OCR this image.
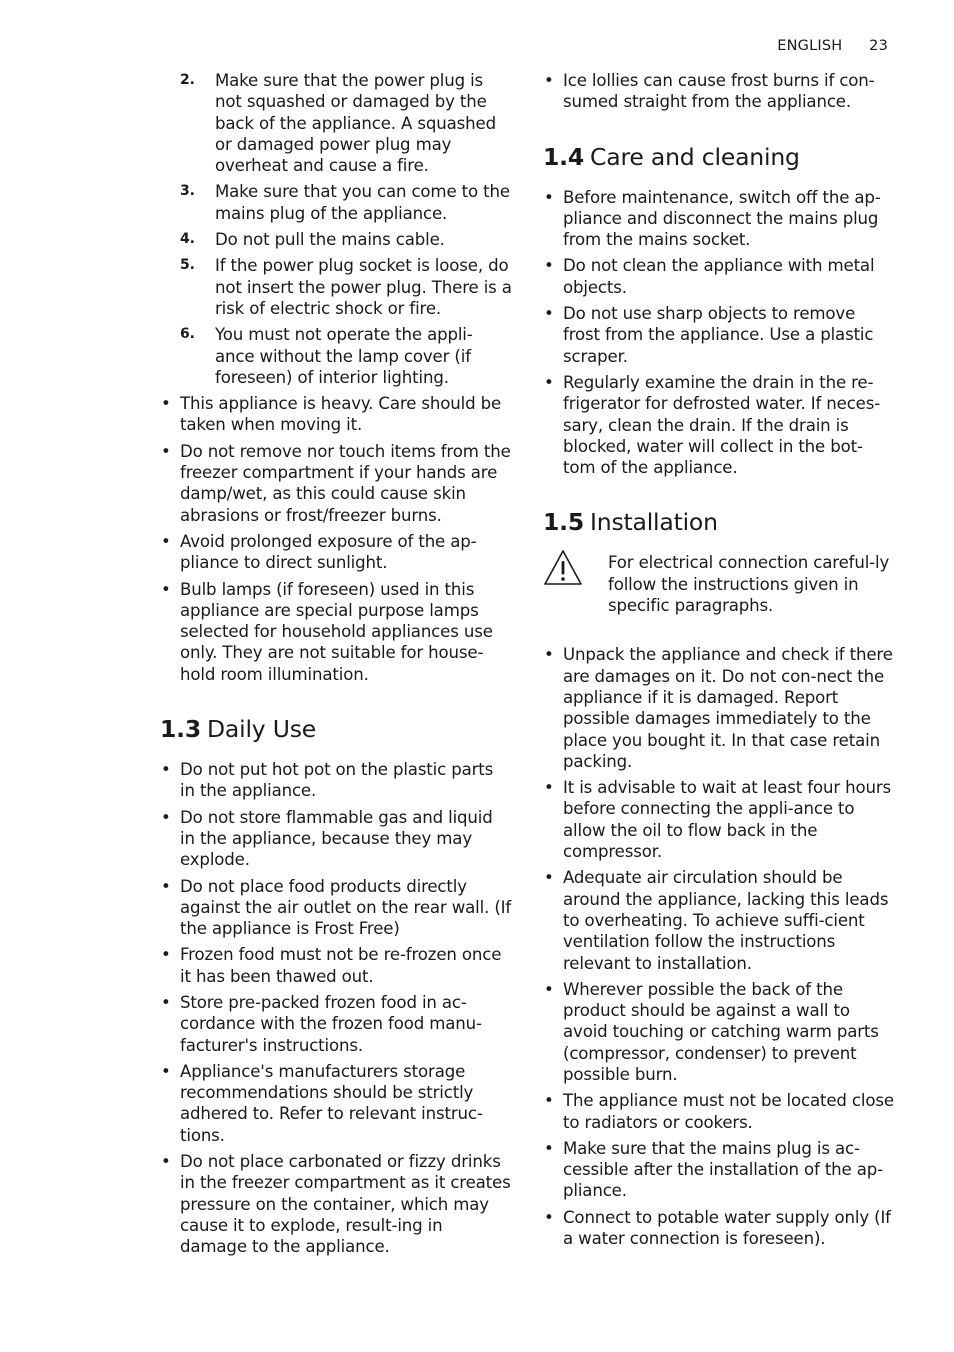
ENGLISH 23
2. Make sure that the power plug is not squashed or damaged by the back of the appliance. A squashed or damaged power plug may overheat and cause a fire.
3. Make sure that you can come to the mains plug of the appliance.
4. Do not pull the mains cable.
5. If the power plug socket is loose, do not insert the power plug. There is a risk of electric shock or fire.
6. You must not operate the appli-ance without the lamp cover (if foreseen) of interior lighting.
• This appliance is heavy. Care should be taken when moving it.
• Do not remove nor touch items from the freezer compartment if your hands are damp/wet, as this could cause skin abrasions or frost/freezer burns.
• Avoid prolonged exposure of the ap-pliance to direct sunlight.
• Bulb lamps (if foreseen) used in this appliance are special purpose lamps selected for household appliances use only. They are not suitable for house-hold room illumination.
1.3 Daily Use
• Do not put hot pot on the plastic parts in the appliance.
• Do not store flammable gas and liquid in the appliance, because they may explode.
• Do not place food products directly against the air outlet on the rear wall. (If the appliance is Frost Free)
• Frozen food must not be re-frozen once it has been thawed out.
• Store pre-packed frozen food in ac-cordance with the frozen food manu-facturer's instructions.
• Appliance's manufacturers storage recommendations should be strictly adhered to. Refer to relevant instruc-tions.
• Do not place carbonated or fizzy drinks in the freezer compartment as it creates pressure on the container, which may cause it to explode, result-ing in damage to the appliance.
• Ice lollies can cause frost burns if con-sumed straight from the appliance.
1.4 Care and cleaning
• Before maintenance, switch off the ap-pliance and disconnect the mains plug from the mains socket.
• Do not clean the appliance with metal objects.
• Do not use sharp objects to remove frost from the appliance. Use a plastic scraper.
• Regularly examine the drain in the re-frigerator for defrosted water. If neces-sary, clean the drain. If the drain is blocked, water will collect in the bot-tom of the appliance.
1.5 Installation
For electrical connection careful-ly follow the instructions given in specific paragraphs.
• Unpack the appliance and check if there are damages on it. Do not con-nect the appliance if it is damaged. Report possible damages immediately to the place you bought it. In that case retain packing.
• It is advisable to wait at least four hours before connecting the appli-ance to allow the oil to flow back in the compressor.
• Adequate air circulation should be around the appliance, lacking this leads to overheating. To achieve suffi-cient ventilation follow the instructions relevant to installation.
• Wherever possible the back of the product should be against a wall to avoid touching or catching warm parts (compressor, condenser) to prevent possible burn.
• The appliance must not be located close to radiators or cookers.
• Make sure that the mains plug is ac-cessible after the installation of the ap-pliance.
• Connect to potable water supply only (If a water connection is foreseen).
